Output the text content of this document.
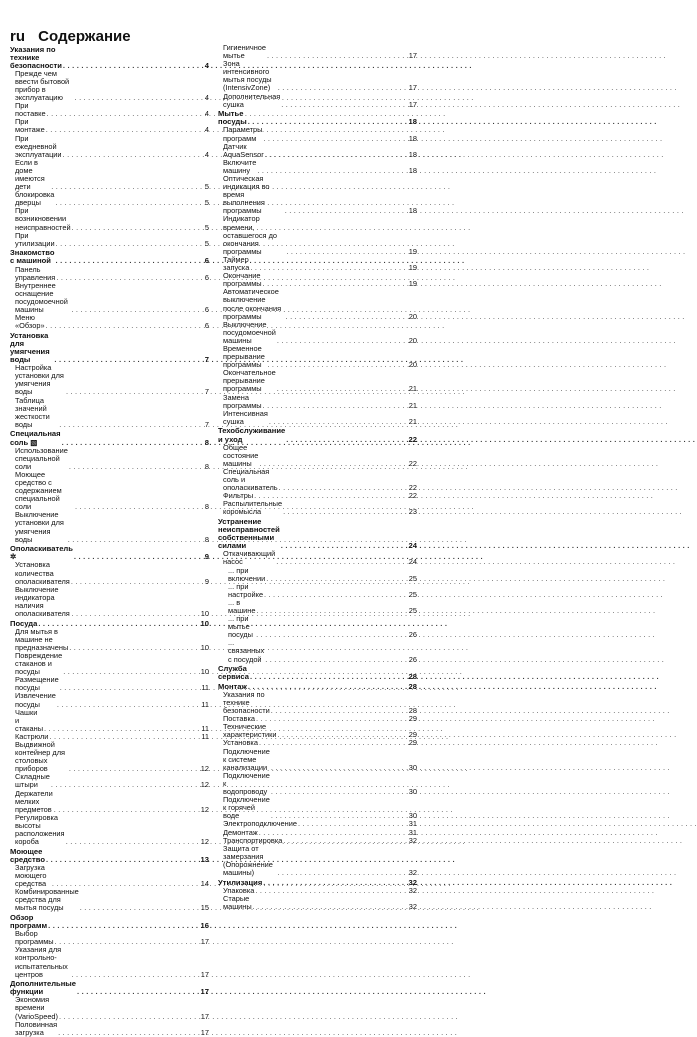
ru Содержание
Указания по технике безопасности . . .	4
Прежде чем ввести бытовой прибор в эксплуатацию . . .	4
При поставке . . .	4
При монтаже . . .	4
При ежедневной эксплуатации . . .	4
Если в доме имеются дети . . .	5
блокировка дверцы . . .	5
При возникновении неисправностей . . .	5
При утилизации . . .	5
Знакомство с машиной . . .	6
Панель управления . . .	6
Внутреннее оснащение посудомоечной машины . . .	6
Меню «Обзор» . . .	6
Установка для умягчения воды . . .	7
Настройка установки для умягчения воды . . .	7
Таблица значений жесткости воды . . .	7
Специальная соль ▧ . . .	8
Использование специальной соли . . .	8
Моющее средство с содержанием специальной соли . . .	8
Выключение установки для умягчения воды . . .	8
Ополаскиватель ✲ . . .	9
Установка количества ополаскивателя . . .	9
Выключение индикатора наличия ополаскивателя . . .	10
Посуда . . .	10
Для мытья в машине не предназначены . . .	10
Повреждение стаканов и посуды . . .	10
Размещение посуды . . .	11
Извлечение посуды . . .	11
Чашки и стаканы . . .	11
Кастрюли . . .	11
Выдвижной контейнер для столовых приборов . . .	12
Складные штыри . . .	12
Держатели мелких предметов . . .	12
Регулировка высоты расположения короба . . .	12
Моющее средство . . .	13
Загрузка моющего средства . . .	14
Комбинированные средства для мытья посуды . . .	15
Обзор программ . . .	16
Выбор программы . . .	17
Указания для контрольно-испытательных центров . . .	17
Дополнительные функции . . .	17
Экономия времени (VarioSpeed) . . .	17
Половинная загрузка . . .	17
Гигиеничное мытье . . .	17
Зона интенсивного мытья посуды (IntensivZone) . . .	17
Дополнительная сушка . . .	17
Мытье посуды . . .	18
Параметры программ . . .	18
Датчик AquaSensor . . .	18
Включите машину . . .	18
Оптическая индикация во время выполнения программы . . .	18
Индикатор времени, оставшегося до окончания программы . . .	19
Таймер запуска . . .	19
Окончание программы . . .	19
Автоматическое выключение после окончания программы . . .	20
Выключение посудомоечной машины . . .	20
Временное прерывание программы . . .	20
Окончательное прерывание программы . . .	21
Замена программы . . .	21
Интенсивная сушка . . .	21
Техобслуживание и уход . . .	22
Общее состояние машины . . .	22
Специальная соль и ополаскиватель . . .	22
Фильтры . . .	22
Распылительные коромысла . . .	23
Устранение неисправностей собственными силами . . .	24
Откачивающий насос . . .	24
... при включении . . .	25
... при настройке . . .	25
... в машине . . .	25
... при мытье посуды . . .	26
... связанных с посудой . . .	26
Служба сервиса . . .	28
Монтаж . . .	28
Указания по технике безопасности . . .	28
Поставка . . .	29
Технические характеристики . . .	29
Установка . . .	29
Подключение к системе канализации . . .	30
Подключение к водопроводу . . .	30
Подключение к горячей воде . . .	30
Электроподключение . . .	31
Демонтаж . . .	31
Транспортировка . . .	32
Защита от замерзания (Опорожнение машины) . . .	32
Утилизация . . .	32
Упаковка . . .	32
Старые машины . . .	32
